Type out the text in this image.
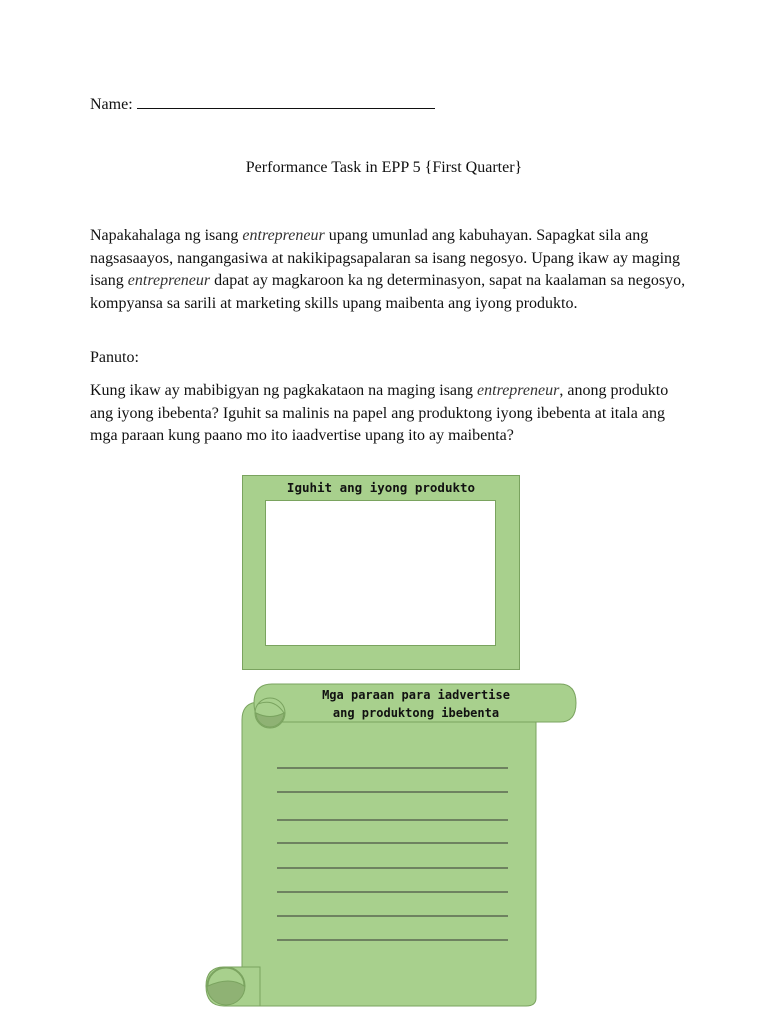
Name:
Performance Task in EPP 5 {First Quarter}
Napakahalaga ng isang entrepreneur upang umunlad ang kabuhayan. Sapagkat sila ang nagsasaayos, nangangasiwa at nakikipagsapalaran sa isang negosyo. Upang ikaw ay maging isang entrepreneur dapat ay magkaroon ka ng determinasyon, sapat na kaalaman sa negosyo, kompyansa sa sarili at marketing skills upang maibenta ang iyong produkto.
Panuto:
Kung ikaw ay mabibigyan ng pagkakataon na maging isang entrepreneur, anong produkto ang iyong ibebenta? Iguhit sa malinis na papel ang produktong iyong ibebenta at itala ang mga paraan kung paano mo ito iaadvertise upang ito ay maibenta?
Iguhit ang iyong produkto
Mga paraan para iadvertise
ang produktong ibebenta
